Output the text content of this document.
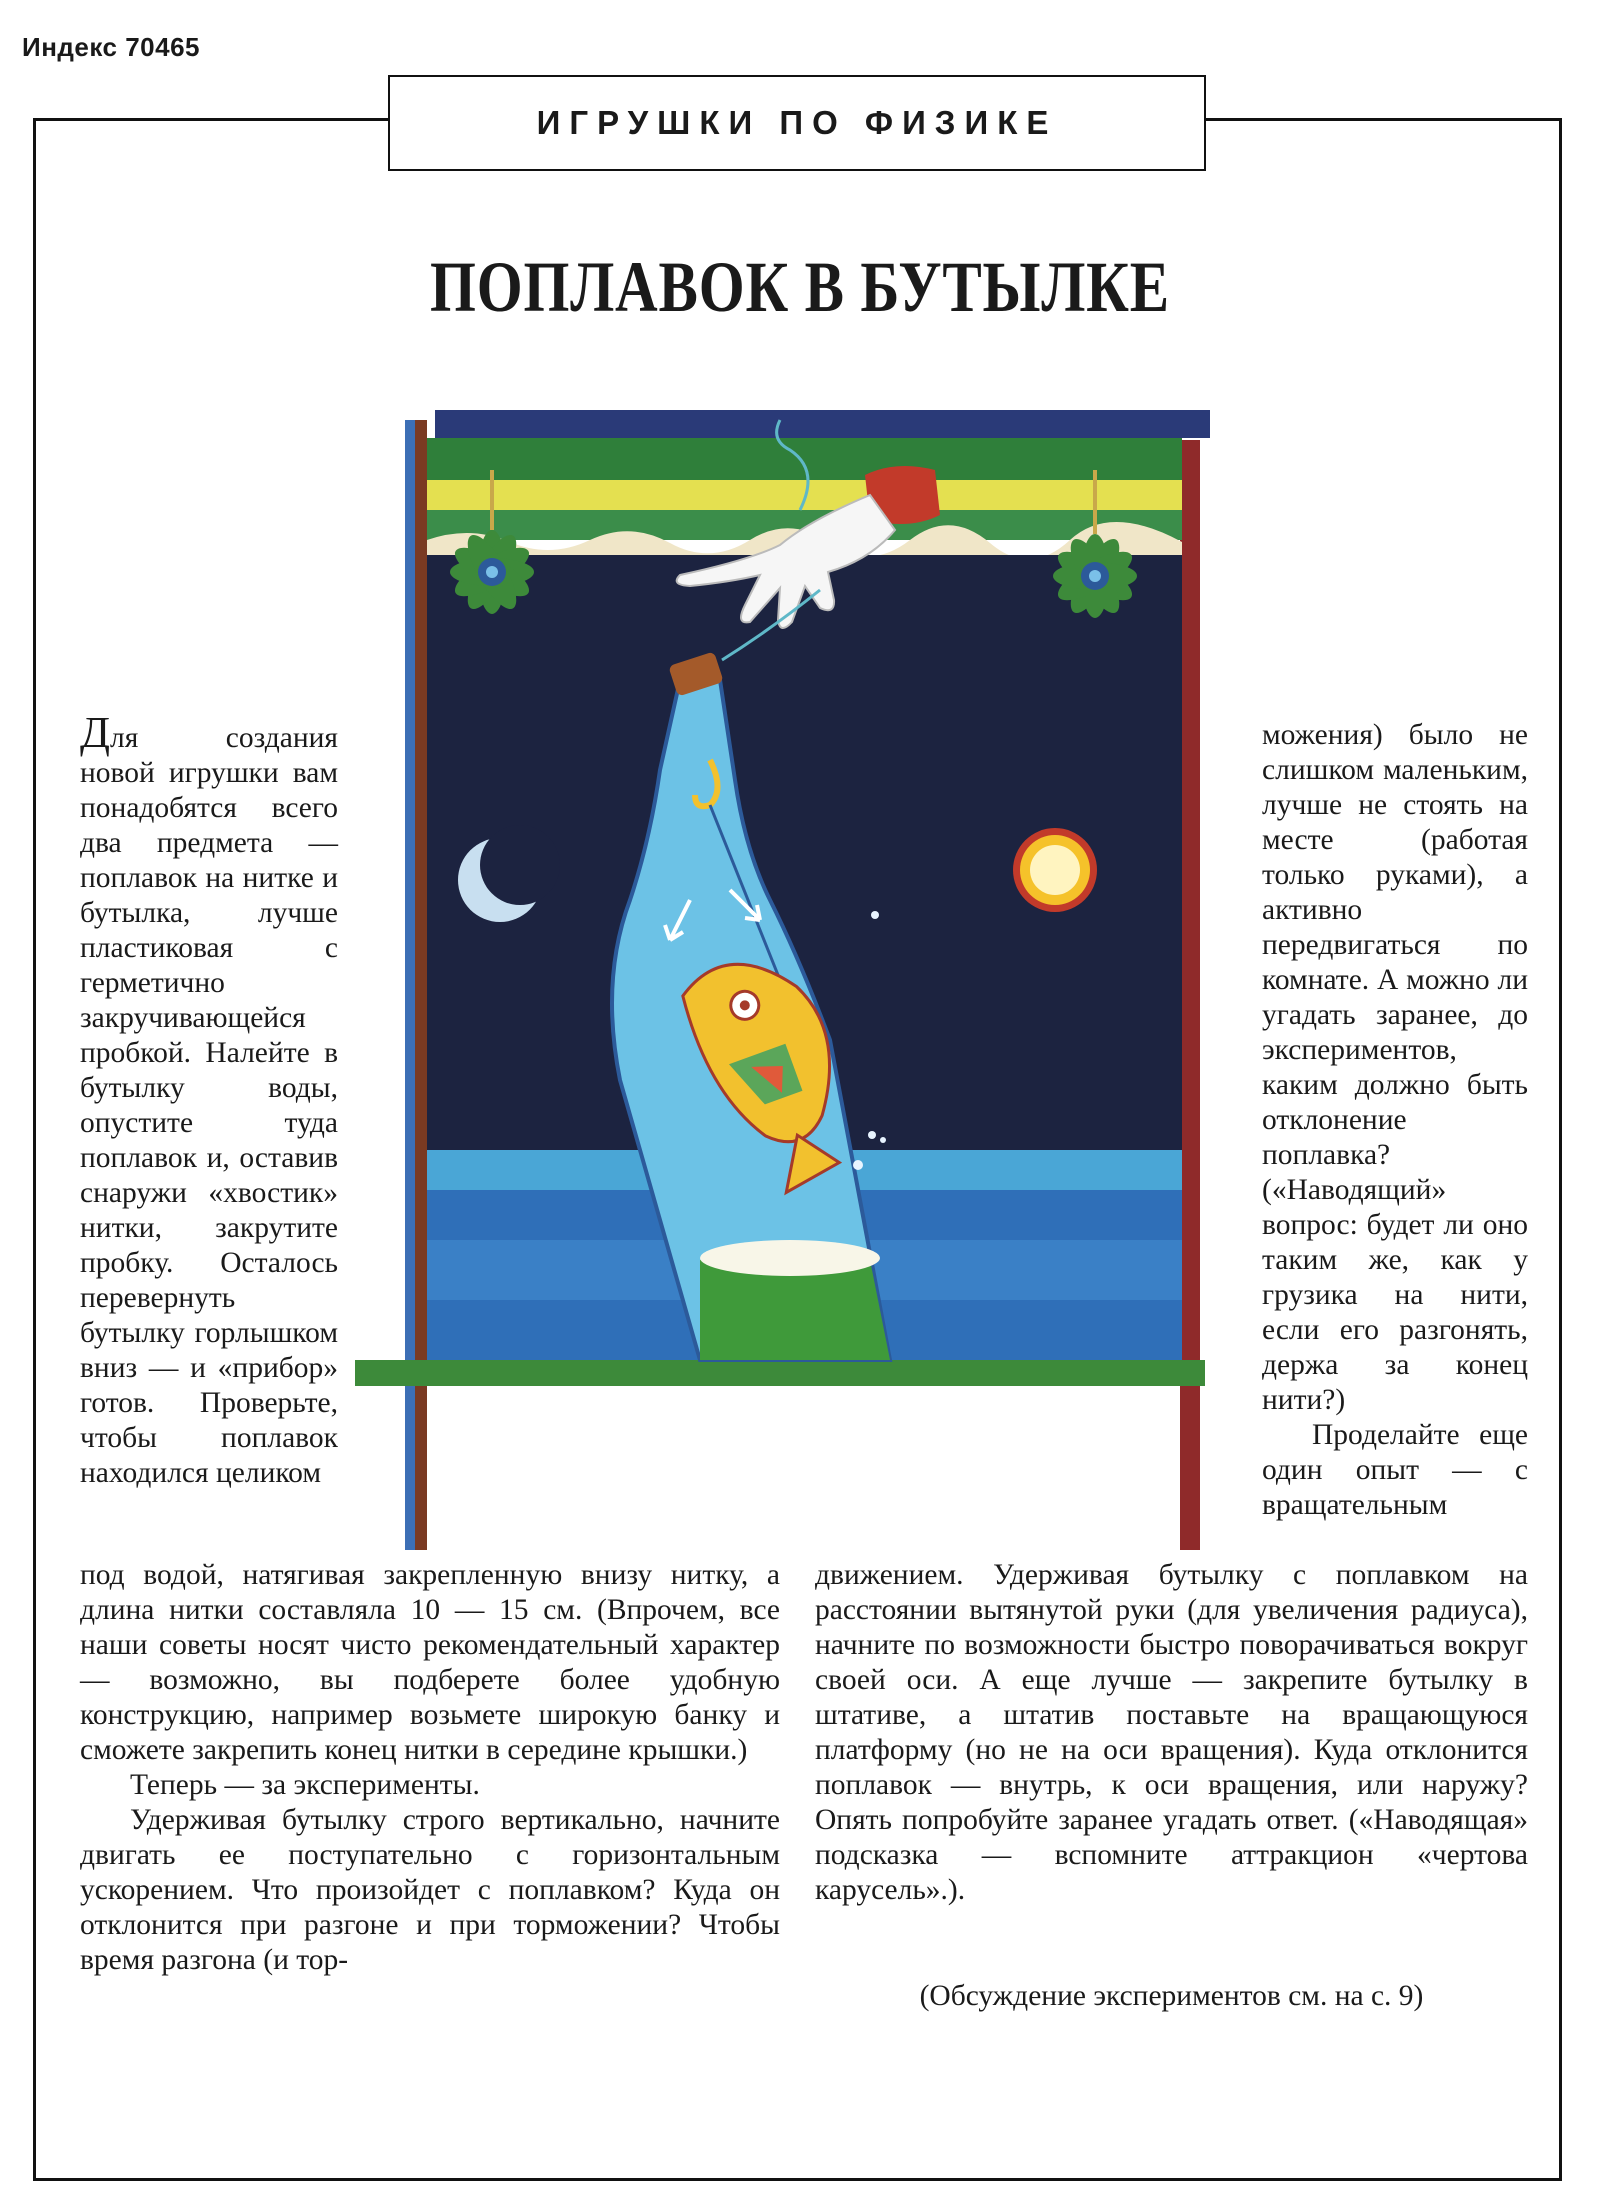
Индекс 70465
ИГРУШКИ ПО ФИЗИКЕ
ПОПЛАВОК В БУТЫЛКЕ

Для создания новой игрушки вам понадобятся всего два предмета — поплавок на нитке и бутылка, лучше пластиковая с герметично закручивающейся пробкой. Налейте в бутылку воды, опустите туда поплавок и, оставив снаружи «хвостик» нитки, закрутите пробку. Осталось перевернуть бутылку горлышком вниз — и «прибор» готов. Проверьте, чтобы поплавок находился целиком

можения) было не слишком маленьким, лучше не стоять на месте (работая только руками), а активно передвигаться по комнате. А можно ли угадать заранее, до экспериментов, каким должно быть отклонение поплавка? («Наводящий» вопрос: будет ли оно таким же, как у грузика на нити, если его разгонять, держа за конец нити?)

Проделайте еще один опыт — с вращательным

под водой, натягивая закрепленную внизу нитку, а длина нитки составляла 10 — 15 см. (Впрочем, все наши советы носят чисто рекомендательный характер — возможно, вы подберете более удобную конструкцию, например возьмете широкую банку и сможете закрепить конец нитки в середине крышки.)

Теперь — за эксперименты.

Удерживая бутылку строго вертикально, начните двигать ее поступательно с горизонтальным ускорением. Что произойдет с поплавком? Куда он отклонится при разгоне и при торможении? Чтобы время разгона (и тор-

движением. Удерживая бутылку с поплавком на расстоянии вытянутой руки (для увеличения радиуса), начните по возможности быстро поворачиваться вокруг своей оси. А еще лучше — закрепите бутылку в штативе, а штатив поставьте на вращающуюся платформу (но не на оси вращения). Куда отклонится поплавок — внутрь, к оси вращения, или наружу? Опять попробуйте заранее угадать ответ. («Наводящая» подсказка — вспомните аттракцион «чертова карусель».).

(Обсуждение экспериментов см. на с. 9)
